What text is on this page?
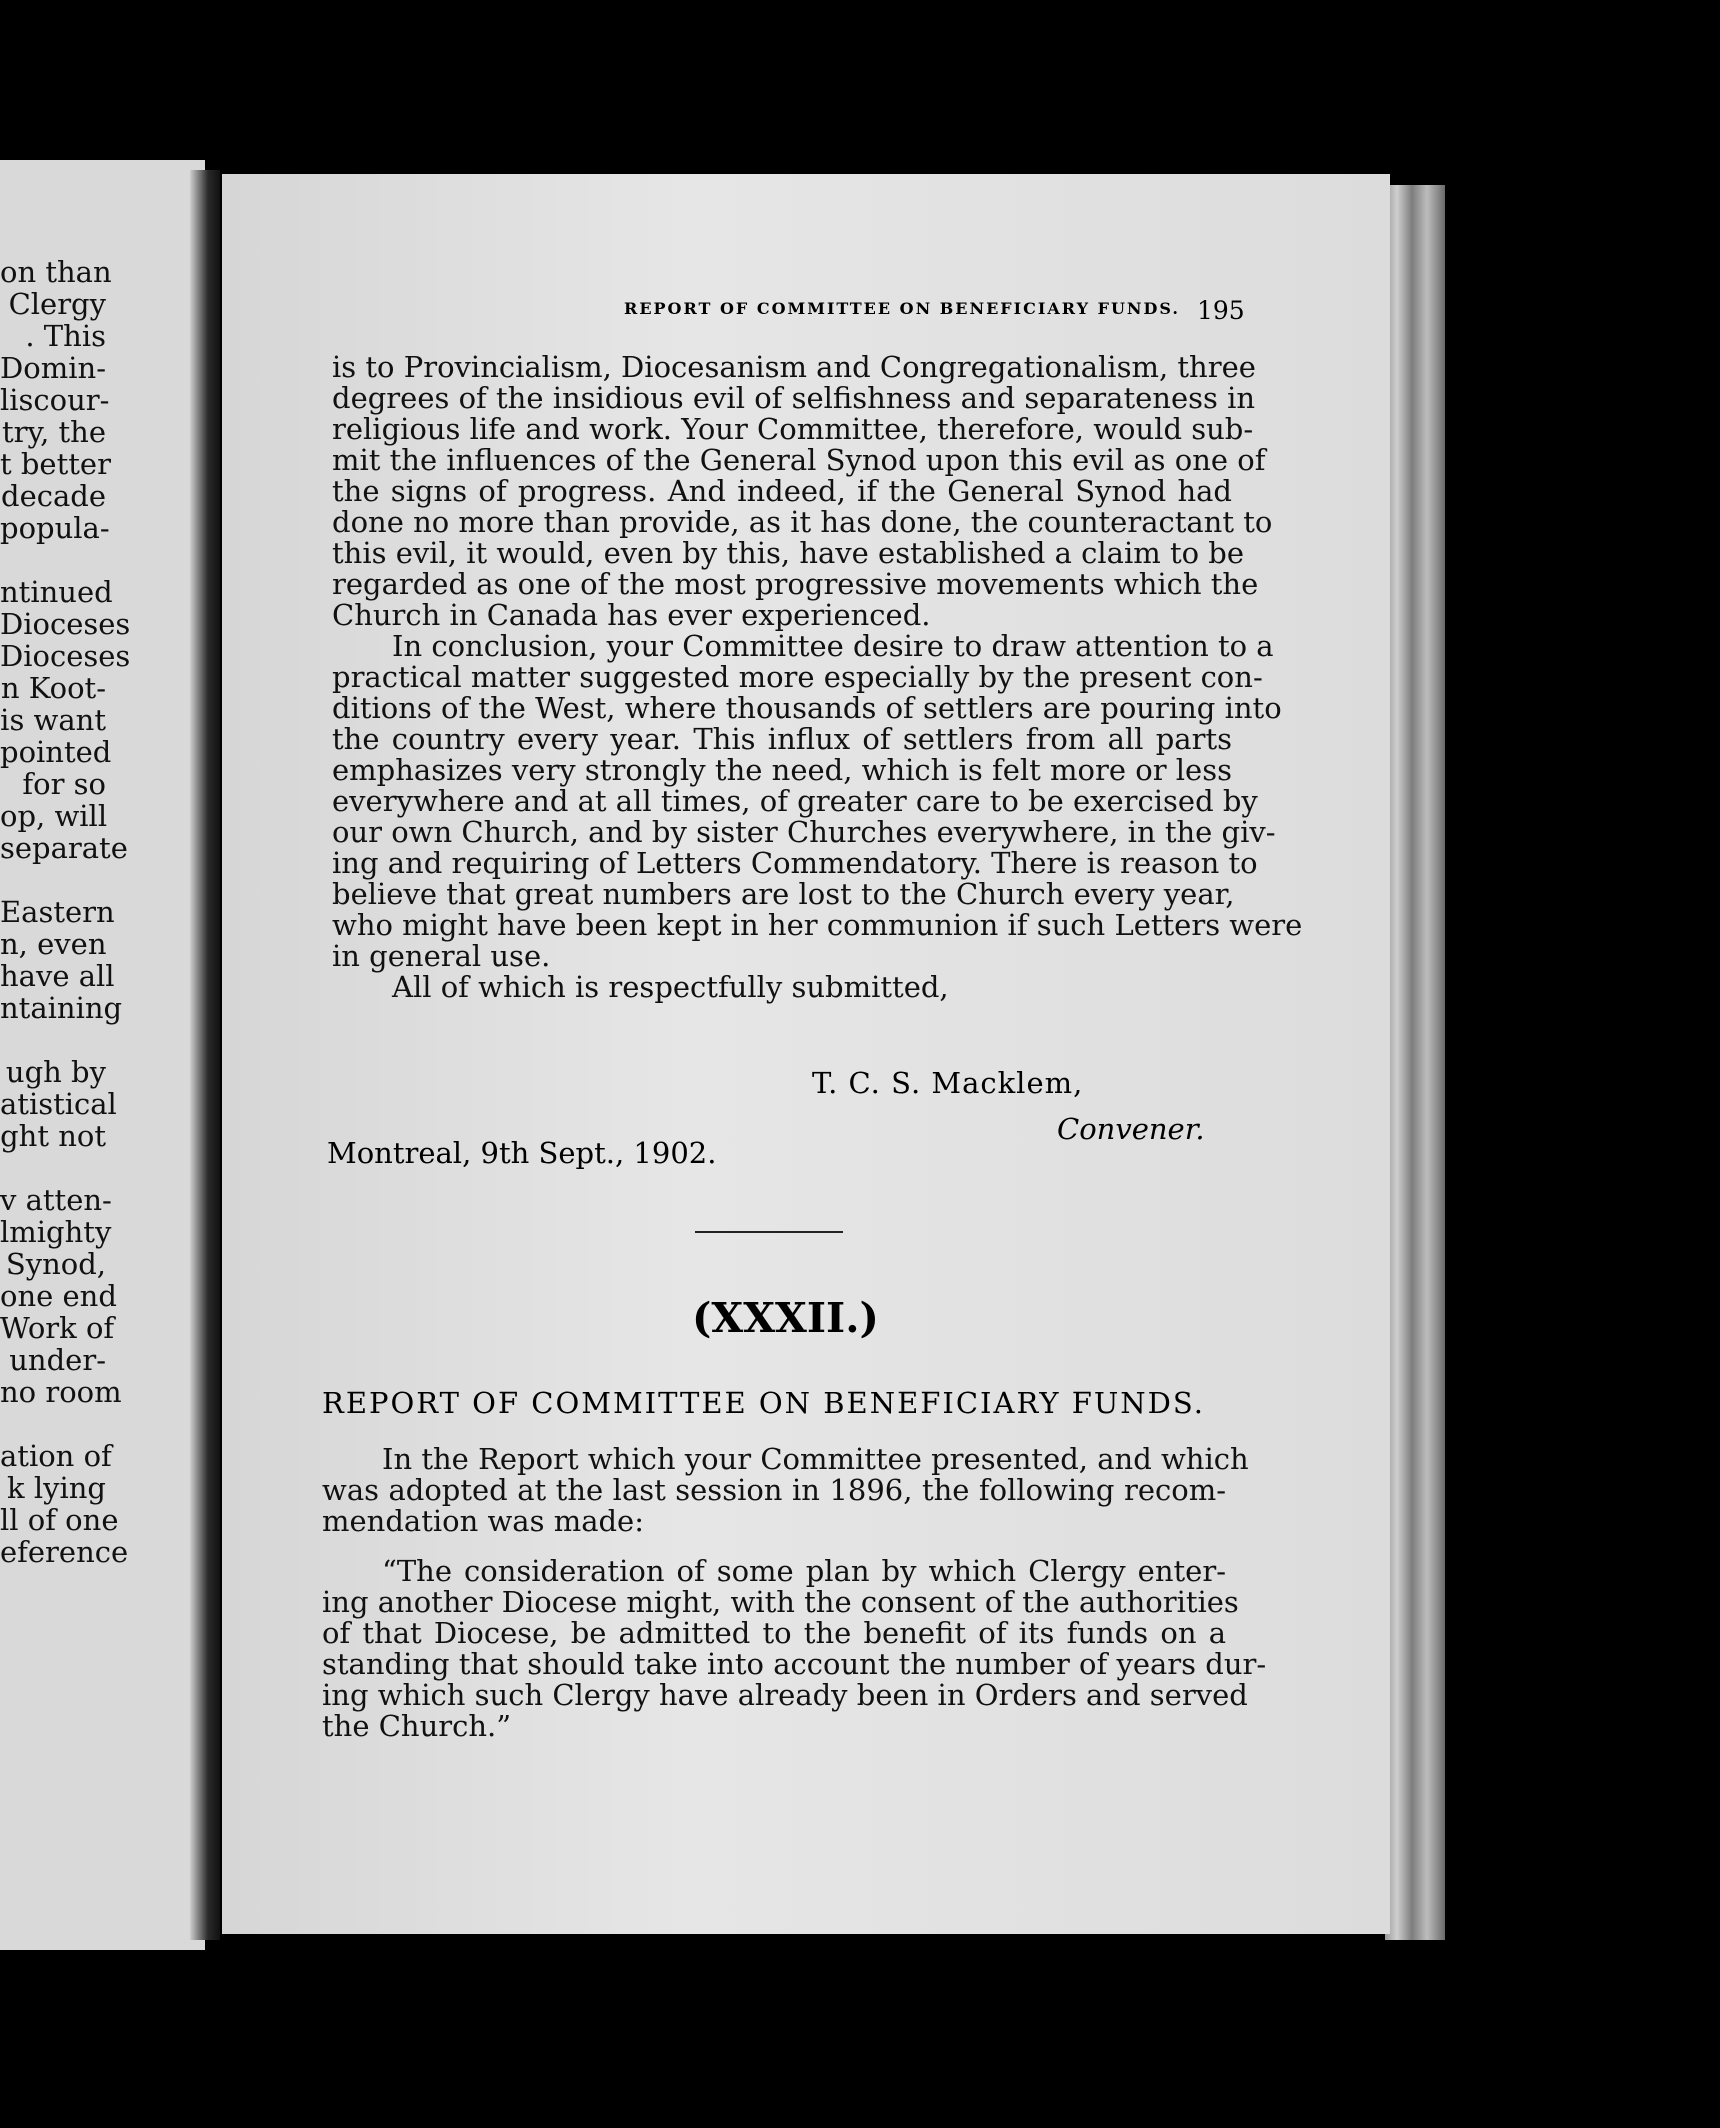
on than
Clergy
. This
Domin-
liscour-
try, the
t better
decade
popula-
ntinued
Dioceses
Dioceses
n Koot-
is want
pointed
for so
op, will
separate
Eastern
n, even
have all
ntaining
ugh by
atistical
ght not
v atten-
lmighty
Synod,
one end
Work of
under-
no room
ation of
k lying
ll of one
eference
REPORT OF COMMITTEE ON BENEFICIARY FUNDS. 195
is to Provincialism, Diocesanism and Congregationalism, three
degrees of the insidious evil of selfishness and separateness in
religious life and work. Your Committee, therefore, would sub-
mit the influences of the General Synod upon this evil as one of
the signs of progress. And indeed, if the General Synod had
done no more than provide, as it has done, the counteractant to
this evil, it would, even by this, have established a claim to be
regarded as one of the most progressive movements which the
Church in Canada has ever experienced.
In conclusion, your Committee desire to draw attention to a
practical matter suggested more especially by the present con-
ditions of the West, where thousands of settlers are pouring into
the country every year. This influx of settlers from all parts
emphasizes very strongly the need, which is felt more or less
everywhere and at all times, of greater care to be exercised by
our own Church, and by sister Churches everywhere, in the giv-
ing and requiring of Letters Commendatory. There is reason to
believe that great numbers are lost to the Church every year,
who might have been kept in her communion if such Letters were
in general use.
All of which is respectfully submitted,
T. C. S. Macklem,
Convener.
Montreal, 9th Sept., 1902.
(XXXII.)
REPORT OF COMMITTEE ON BENEFICIARY FUNDS.
In the Report which your Committee presented, and which
was adopted at the last session in 1896, the following recom-
mendation was made:
“The consideration of some plan by which Clergy enter-
ing another Diocese might, with the consent of the authorities
of that Diocese, be admitted to the benefit of its funds on a
standing that should take into account the number of years dur-
ing which such Clergy have already been in Orders and served
the Church.”
